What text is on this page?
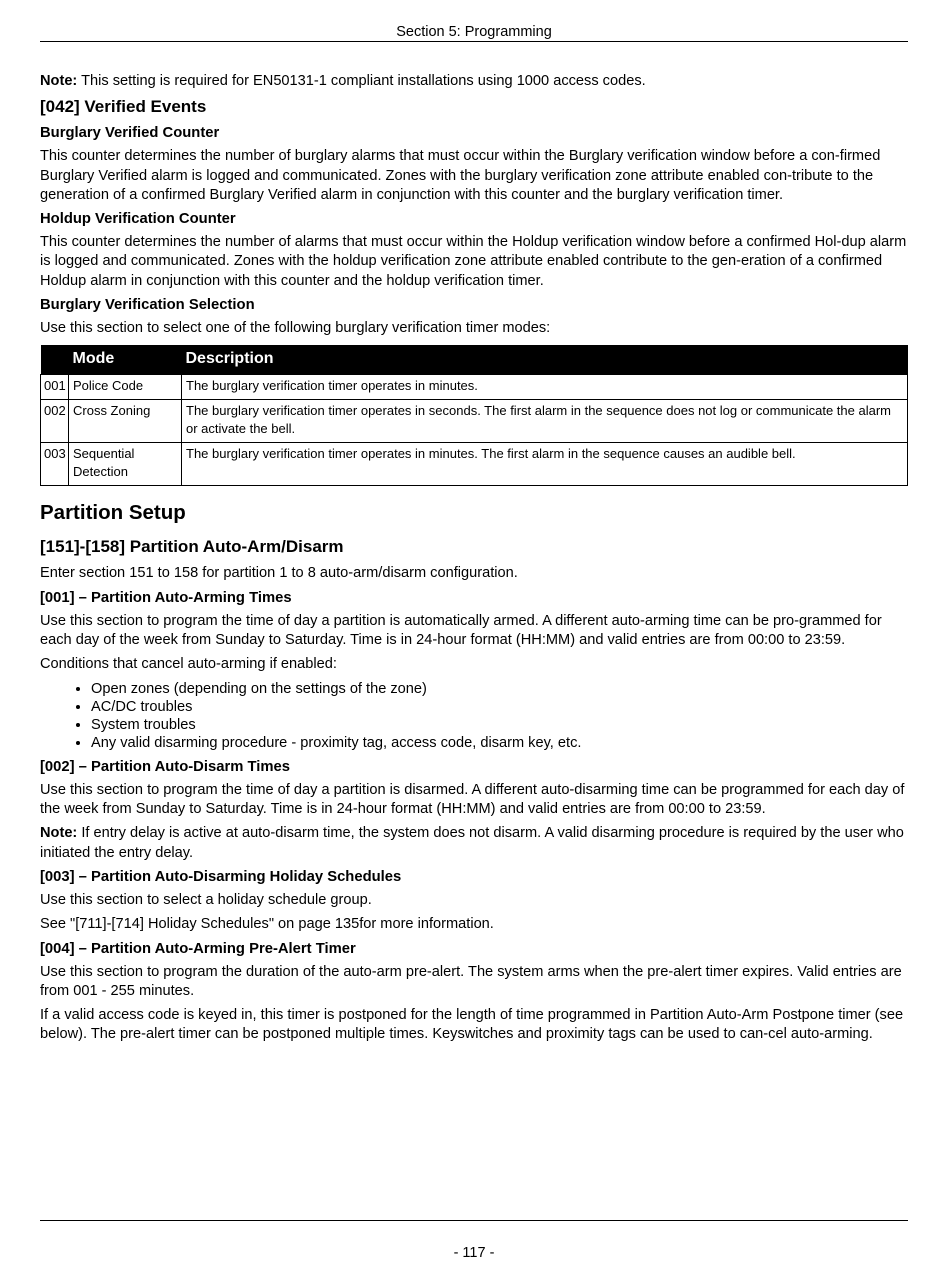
Section 5: Programming

Note: This setting is required for EN50131-1 compliant installations using 1000 access codes.

[042] Verified Events
Burglary Verified Counter

This counter determines the number of burglary alarms that must occur within the Burglary verification window before a con-firmed Burglary Verified alarm is logged and communicated. Zones with the burglary verification zone attribute enabled con-tribute to the generation of a confirmed Burglary Verified alarm in conjunction with this counter and the burglary verification timer.

Holdup Verification Counter

This counter determines the number of alarms that must occur within the Holdup verification window before a confirmed Hol-dup alarm is logged and communicated. Zones with the holdup verification zone attribute enabled contribute to the gen-eration of a confirmed Holdup alarm in conjunction with this counter and the holdup verification timer.

Burglary Verification Selection

Use this section to select one of the following burglary verification timer modes:

	Mode	Description
001	Police Code	The burglary verification timer operates in minutes.
002	Cross Zoning	The burglary verification timer operates in seconds. The first alarm in the sequence does not log or communicate the alarm or activate the bell.
003	Sequential Detection	The burglary verification timer operates in minutes. The first alarm in the sequence causes an audible bell.
Partition Setup
[151]-[158] Partition Auto-Arm/Disarm

Enter section 151 to 158 for partition 1 to 8 auto-arm/disarm configuration.

[001] – Partition Auto-Arming Times

Use this section to program the time of day a partition is automatically armed. A different auto-arming time can be pro-grammed for each day of the week from Sunday to Saturday. Time is in 24-hour format (HH:MM) and valid entries are from 00:00 to 23:59.

Conditions that cancel auto-arming if enabled:

• Open zones (depending on the settings of the zone)
• AC/DC troubles
• System troubles
• Any valid disarming procedure - proximity tag, access code, disarm key, etc.
[002] – Partition Auto-Disarm Times

Use this section to program the time of day a partition is disarmed. A different auto-disarming time can be programmed for each day of the week from Sunday to Saturday. Time is in 24-hour format (HH:MM) and valid entries are from 00:00 to 23:59.

Note: If entry delay is active at auto-disarm time, the system does not disarm. A valid disarming procedure is required by the user who initiated the entry delay.

[003] – Partition Auto-Disarming Holiday Schedules

Use this section to select a holiday schedule group.

See "[711]-[714] Holiday Schedules" on page 135for more information.

[004] – Partition Auto-Arming Pre-Alert Timer

Use this section to program the duration of the auto-arm pre-alert. The system arms when the pre-alert timer expires. Valid entries are from 001 - 255 minutes.

If a valid access code is keyed in, this timer is postponed for the length of time programmed in Partition Auto-Arm Postpone timer (see below). The pre-alert timer can be postponed multiple times. Keyswitches and proximity tags can be used to can-cel auto-arming.

- 117 -
